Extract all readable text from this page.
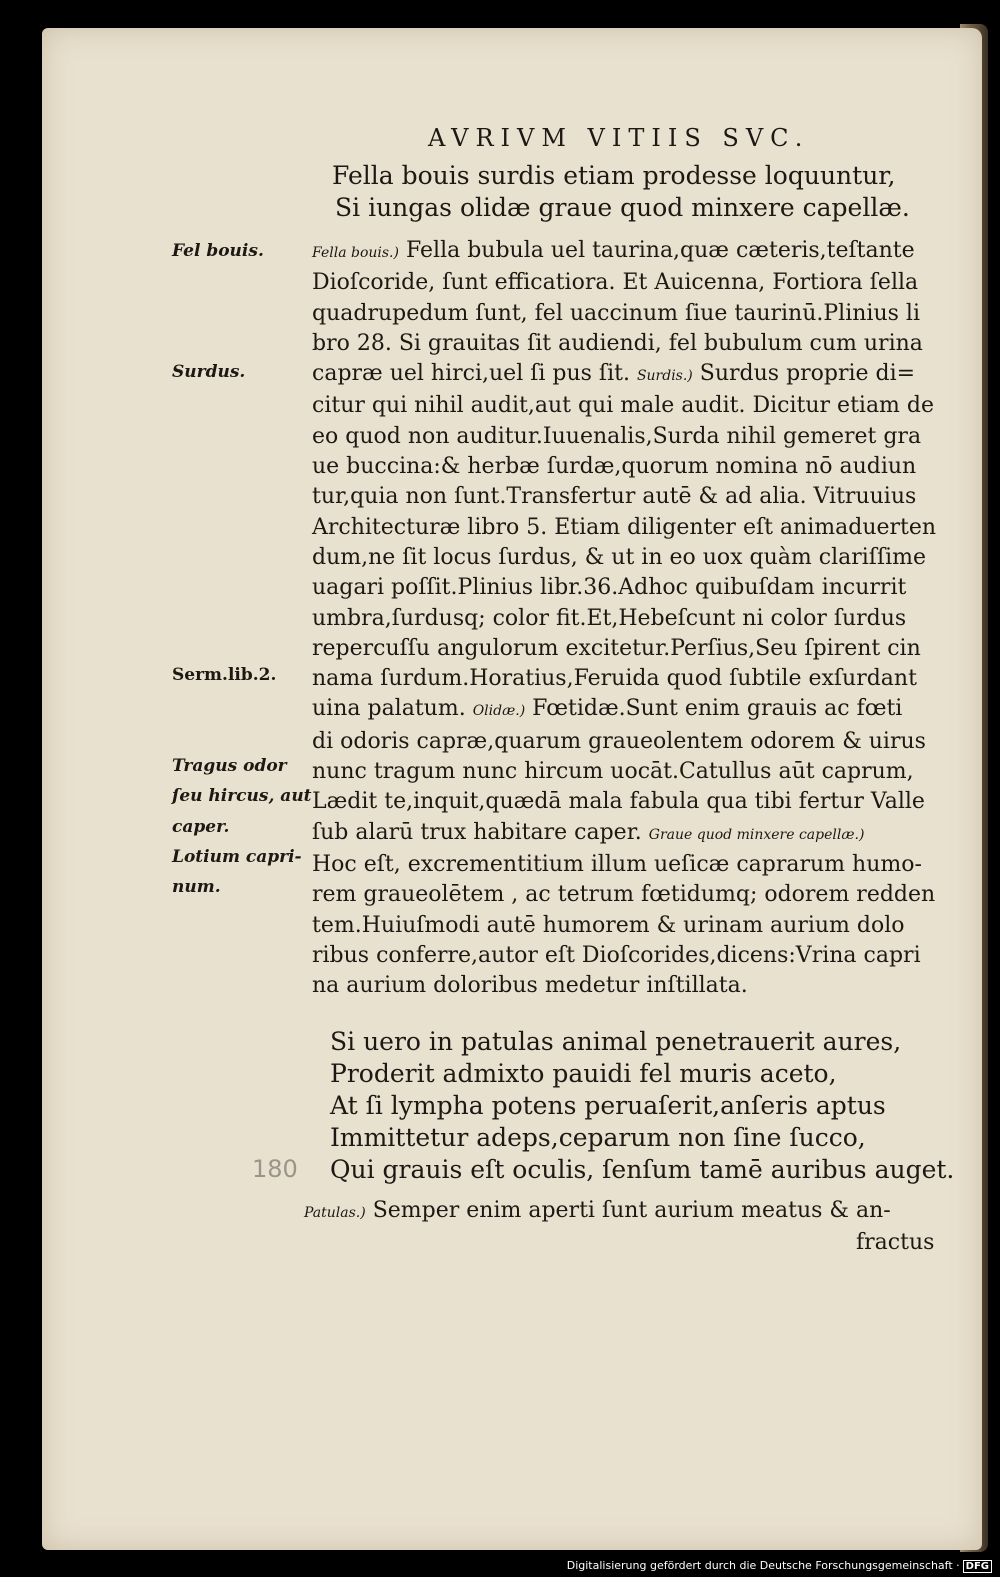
AVRIVM VITIIS SVC.

Fella bouis surdis etiam prodesse loquuntur,

Si iungas olidæ graue quod minxere capellæ.

Fella bouis.) Fella bubula uel taurina,quæ cæteris,teſtante

Dioſcoride, ſunt efficatiora. Et Auicenna, Fortiora ſella

quadrupedum ſunt, fel uaccinum ſiue taurinū.Plinius li

bro 28. Si grauitas ſit audiendi, fel bubulum cum urina

capræ uel hirci,uel ſi pus ſit. Surdis.) Surdus proprie di=

citur qui nihil audit,aut qui male audit. Dicitur etiam de

eo quod non auditur.Iuuenalis,Surda nihil gemeret gra

ue buccina:& herbæ ſurdæ,quorum nomina nō audiun

tur,quia non ſunt.Transfertur autē & ad alia. Vitruuius

Architecturæ libro 5. Etiam diligenter eſt animaduerten

dum,ne ſit locus ſurdus, & ut in eo uox quàm clariſſime

uagari poſſit.Plinius libr.36.Adhoc quibuſdam incurrit

umbra,ſurdusq; color fit.Et,Hebeſcunt ni color ſurdus

repercuſſu angulorum excitetur.Perſius,Seu ſpirent cin

nama ſurdum.Horatius,Feruida quod ſubtile exſurdant

uina palatum. Olidæ.) Fœtidæ.Sunt enim grauis ac fœti

di odoris capræ,quarum graueolentem odorem & uirus

nunc tragum nunc hircum uocāt.Catullus aūt caprum,

Lædit te,inquit,quædā mala fabula qua tibi fertur Valle

ſub alarū trux habitare caper. Graue quod minxere capellæ.)

Hoc eſt, excrementitium illum ueſicæ caprarum humo-

rem graueolētem , ac tetrum fœtidumq; odorem redden

tem.Huiuſmodi autē humorem & urinam aurium dolo

ribus conferre,autor eſt Dioſcorides,dicens:Vrina capri

na aurium doloribus medetur inſtillata.

Fel bouis.
Surdus.
Serm.lib.2.
Tragus odor
ſeu hircus, aut
caper.
Lotium capri-
num.

Si uero in patulas animal penetrauerit aures,

Proderit admixto pauidi fel muris aceto,

At ſi lympha potens peruaſerit,anſeris aptus

Immittetur adeps,ceparum non ſine ſucco,

Qui grauis eſt oculis, ſenſum tamē auribus auget.

180

Patulas.) Semper enim aperti ſunt aurium meatus & an-

fractus
Digitalisierung gefördert durch die Deutsche Forschungsgemeinschaft · DFG
